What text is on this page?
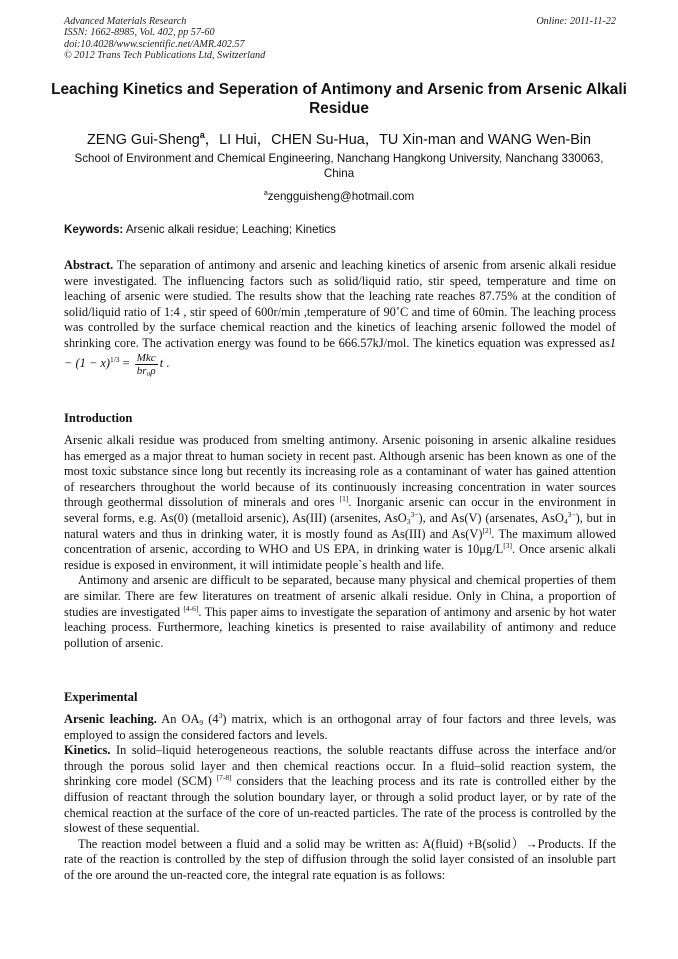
Advanced Materials Research
ISSN: 1662-8985, Vol. 402, pp 57-60
doi:10.4028/www.scientific.net/AMR.402.57
© 2012 Trans Tech Publications Ltd, Switzerland
Online: 2011-11-22
Leaching Kinetics and Seperation of Antimony and Arsenic from Arsenic Alkali Residue
ZENG Gui-Sheng$^a$，LI Hui，CHEN Su-Hua，TU Xin-man and WANG Wen-Bin
School of Environment and Chemical Engineering, Nanchang Hangkong University, Nanchang 330063, China
$^a$zengguisheng@hotmail.com
Keywords: Arsenic alkali residue; Leaching; Kinetics

Abstract. The separation of antimony and arsenic and leaching kinetics of arsenic from arsenic alkali residue were investigated. The influencing factors such as solid/liquid ratio, stir speed, temperature and time on leaching of arsenic were studied. The results show that the leaching rate reaches 87.75% at the condition of solid/liquid ratio of 1:4 , stir speed of 600r/min ,temperature of 90˚C and time of 60min. The leaching process was controlled by the surface chemical reaction and the kinetics of leaching arsenic followed the model of shrinking core. The activation energy was found to be 666.57kJ/mol. The kinetics equation was expressed $as1 - (1 - x)^{1/3} = \frac{\text{Mkc}}{\text{br₀ρ}}$ t .

Introduction

Arsenic alkali residue was produced from smelting antimony. Arsenic poisoning in arsenic alkaline residues has emerged as a major threat to human society in recent past. Although arsenic has been known as one of the most toxic substance since long but recently its increasing role as a contaminant of water has gained attention of researchers throughout the world because of its continuously increasing concentration in water sources through geothermal dissolution of minerals and ores [1]. Inorganic arsenic can occur in the environment in several forms, e.g. As(0) (metalloid arsenic), As(III) (arsenites, AsO$_3^{3-}$), and As(V) (arsenates, AsO$_4^{3-}$), but in natural waters and thus in drinking water, it is mostly found as As(III) and As(V)[2]. The maximum allowed concentration of arsenic, according to WHO and US EPA, in drinking water is 10μg/L[3]. Once arsenic alkali residue is exposed in environment, it will intimidate people`s health and life.

Antimony and arsenic are difficult to be separated, because many physical and chemical properties of them are similar. There are few literatures on treatment of arsenic alkali residue. Only in China, a proportion of studies are investigated [4-6]. This paper aims to investigate the separation of antimony and arsenic by hot water leaching process. Furthermore, leaching kinetics is presented to raise availability of antimony and reduce pollution of arsenic.

Experimental

Arsenic leaching. An $OA_9$ $(4^3)$ matrix, which is an orthogonal array of four factors and three levels, was employed to assign the considered factors and levels.

Kinetics. In solid–liquid heterogeneous reactions, the soluble reactants diffuse across the interface and/or through the porous solid layer and then chemical reactions occur. In a fluid–solid reaction system, the shrinking core model (SCM) [7-8] considers that the leaching process and its rate is controlled either by the diffusion of reactant through the solution boundary layer, or through a solid product layer, or by rate of the chemical reaction at the surface of the core of un-reacted particles. The rate of the process is controlled by the slowest of these sequential.

The reaction model between a fluid and a solid may be written as: A(fluid) +B(solid）→Products. If the rate of the reaction is controlled by the step of diffusion through the solid layer consisted of an insoluble part of the ore around the un-reacted core, the integral rate equation is as follows:
